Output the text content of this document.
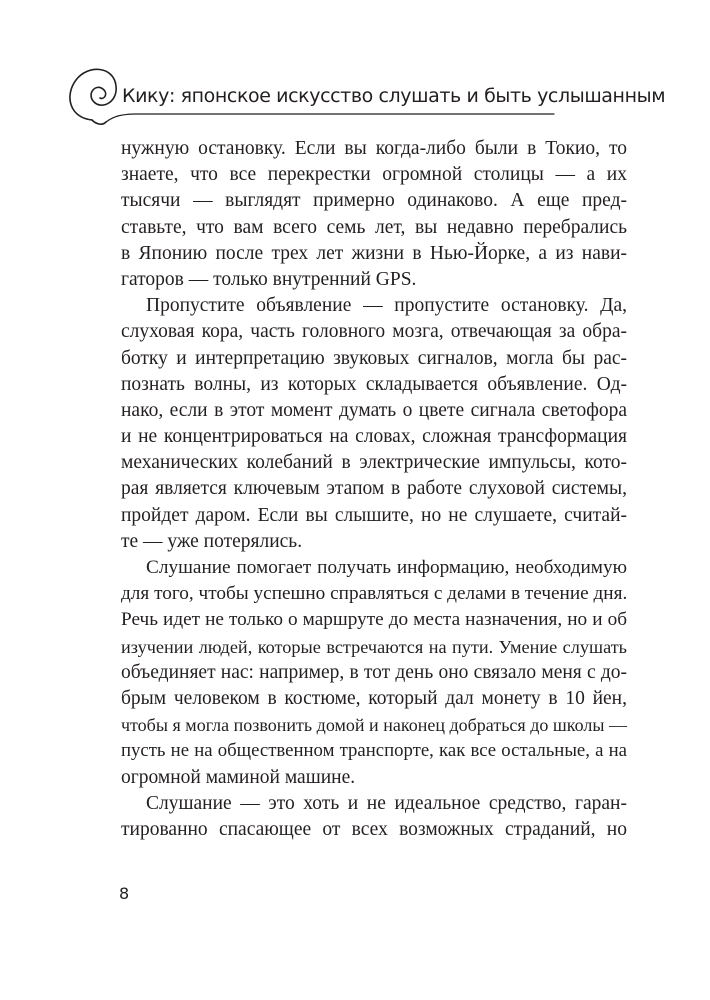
Кику: японское искусство слушать и быть услышанным
нужную остановку. Если вы когда-либо были в Токио, то
знаете, что все перекрестки огромной столицы — а их
тысячи — выглядят примерно одинаково. А еще пред-
ставьте, что вам всего семь лет, вы недавно перебрались
в Японию после трех лет жизни в Нью-Йорке, а из нави-
гаторов — только внутренний GPS.
Пропустите объявление — пропустите остановку. Да,
слуховая кора, часть головного мозга, отвечающая за обра-
ботку и интерпретацию звуковых сигналов, могла бы рас-
познать волны, из которых складывается объявление. Од-
нако, если в этот момент думать о цвете сигнала светофора
и не концентрироваться на словах, сложная трансформация
механических колебаний в электрические импульсы, кото-
рая является ключевым этапом в работе слуховой системы,
пройдет даром. Если вы слышите, но не слушаете, считай-
те — уже потерялись.
Слушание помогает получать информацию, необходимую
для того, чтобы успешно справляться с делами в течение дня.
Речь идет не только о маршруте до места назначения, но и об
изучении людей, которые встречаются на пути. Умение слушать
объединяет нас: например, в тот день оно связало меня с до-
брым человеком в костюме, который дал монету в 10 йен,
чтобы я могла позвонить домой и наконец добраться до школы —
пусть не на общественном транспорте, как все остальные, а на
огромной маминой машине.
Слушание — это хоть и не идеальное средство, гаран-
тированно спасающее от всех возможных страданий, но
8
